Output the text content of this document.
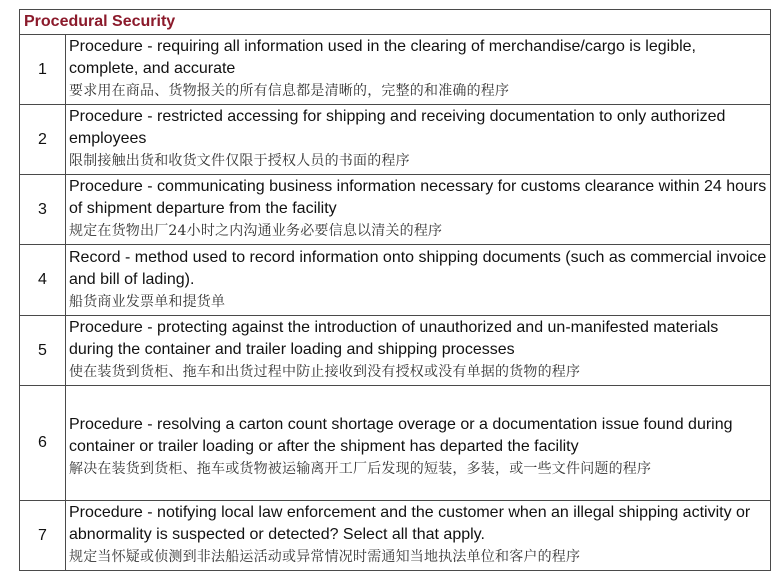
Procedural Security	
1	Procedure - requiring all information used in the clearing of merchandise/cargo is legible, complete, and accurate
要求用在商品、货物报关的所有信息都是清晰的，完整的和准确的程序

2	Procedure - restricted accessing for shipping and receiving documentation to only authorized employees
限制接触出货和收货文件仅限于授权人员的书面的程序

3	Procedure - communicating business information necessary for customs clearance within 24 hours of shipment departure from the facility
规定在货物出厂24小时之内沟通业务必要信息以清关的程序

4	Record - method used to record information onto shipping documents (such as commercial invoice and bill of lading).
船货商业发票单和提货单

5	Procedure - protecting against the introduction of unauthorized and un-manifested materials during the container and trailer loading and shipping processes
使在装货到货柜、拖车和出货过程中防止接收到没有授权或没有单据的货物的程序

6	Procedure - resolving a carton count shortage overage or a documentation issue found during container or trailer loading or after the shipment has departed the facility
解决在装货到货柜、拖车或货物被运输离开工厂后发现的短装，多装，或一些文件问题的程序

7	Procedure - notifying local law enforcement and the customer when an illegal shipping activity or abnormality is suspected or detected? Select all that apply.
规定当怀疑或侦测到非法船运活动或异常情况时需通知当地执法单位和客户的程序
